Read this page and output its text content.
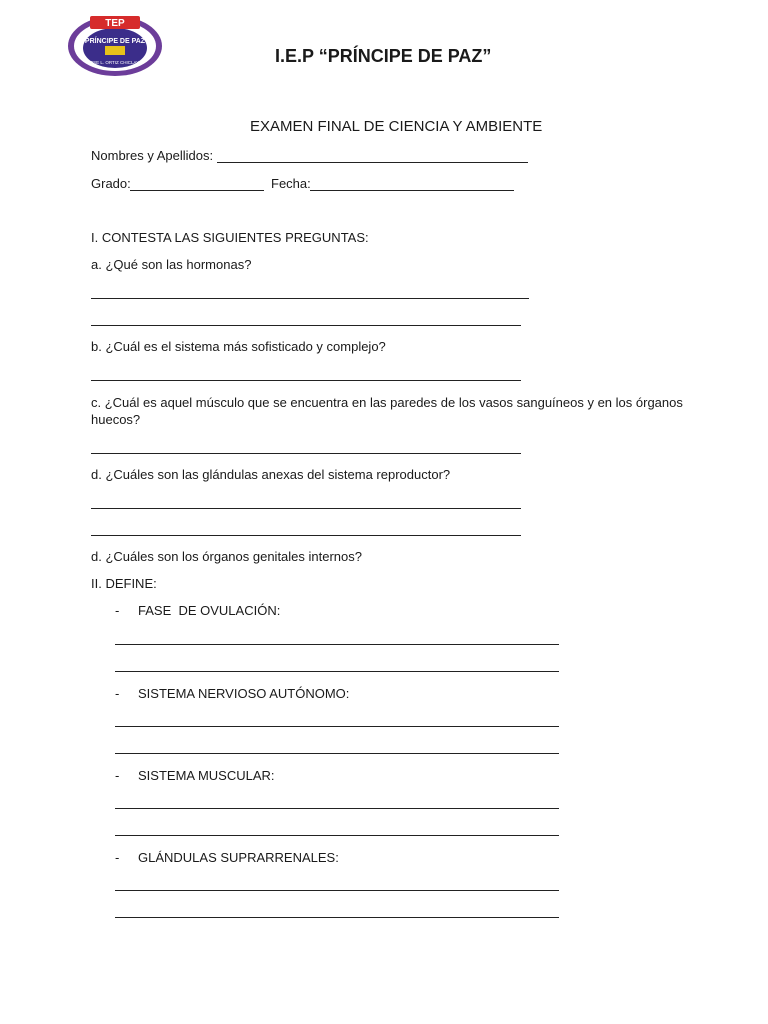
TEP
PRÍNCIPE DE PAZ
JOSE L. ORTIZ CHICLAYO	I.E.P “PRÍNCIPE DE PAZ”
EXAMEN FINAL DE CIENCIA Y AMBIENTE
Nombres y Apellidos:
Grado:	Fecha:
I. CONTESTA LAS SIGUIENTES PREGUNTAS:
a. ¿Qué son las hormonas?
b. ¿Cuál es el sistema más sofisticado y complejo?
c. ¿Cuál es aquel músculo que se encuentra en las paredes de los vasos sanguíneos y en los órganos
huecos?
d. ¿Cuáles son las glándulas anexas del sistema reproductor?
d. ¿Cuáles son los órganos genitales internos?
II. DEFINE:
- FASE  DE OVULACIÓN:
- SISTEMA NERVIOSO AUTÓNOMO:
- SISTEMA MUSCULAR:
- GLÁNDULAS SUPRARRENALES:
